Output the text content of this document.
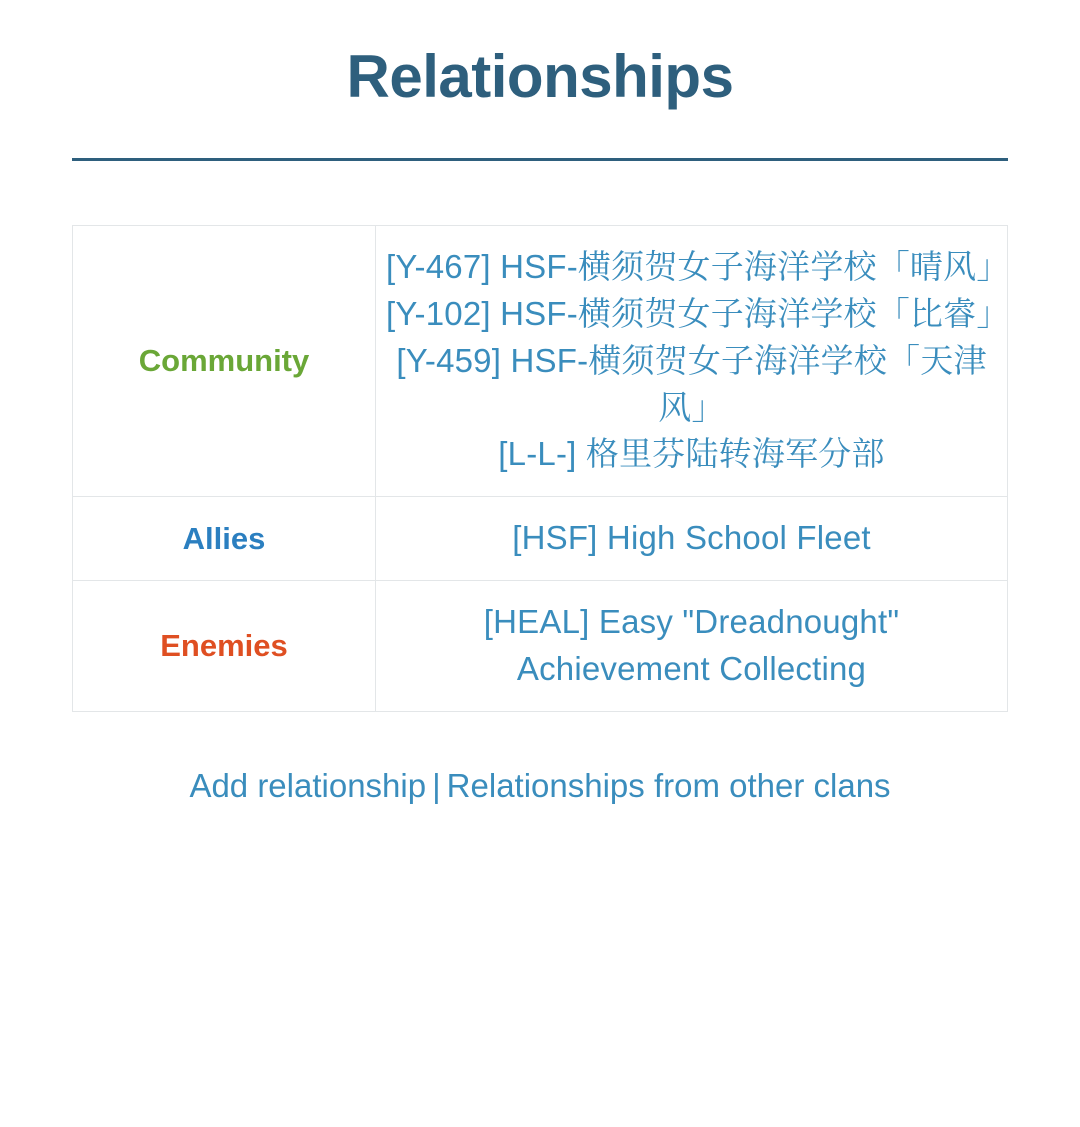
Relationships
Community	[Y-467] HSF-横须贺女子海洋学校「晴风」
[Y-102] HSF-横须贺女子海洋学校「比睿」
[Y-459] HSF-横须贺女子海洋学校「天津风」
[L-L-] 格里芬陆转海军分部

Allies	[HSF] High School Fleet

Enemies	[HEAL] Easy "Dreadnought" Achievement Collecting
Add relationship | Relationships from other clans
